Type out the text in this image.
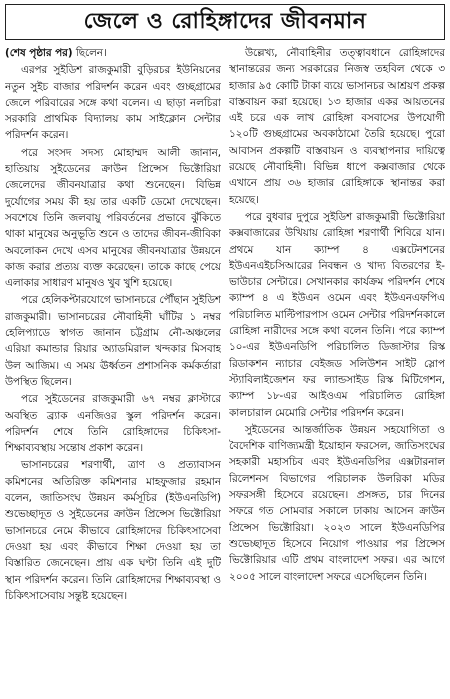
জেলে ও রোহিঙ্গাদের জীবনমান

(শেষ পৃষ্ঠার পর) ছিলেন।

এরপর সুইডিশ রাজকুমারী বুড়িরচর ইউনিয়নের নতুন সুইচ বাজার পরিদর্শন করেন এবং গুচ্ছগ্রামের জেলে পরিবারের সঙ্গে কথা বলেন। এ ছাড়া নলচিরা সরকারি প্রাথমিক বিদ্যালয় কাম সাইক্লোন সেন্টার পরিদর্শন করেন।

পরে সংসদ সদস্য মোহাম্মদ আলী জানান, হাতিয়ায় সুইডেনের ক্রাউন প্রিন্সেস ভিক্টোরিয়া জেলেদের জীবনযাত্রার কথা শুনেছেন। বিভিন্ন দুর্যোগের সময় কী হয় তার একটি ডেমো দেখেছেন। সবশেষে তিনি জলবায়ু পরিবর্তনের প্রভাবে ঝুঁকিতে থাকা মানুষের অনুভূতি শুনে ও তাদের জীবন-জীবিকা অবলোকন দেখে এসব মানুষের জীবনযাত্রার উন্নয়নে কাজ করার প্রত্যয় ব্যক্ত করেছেন। তাকে কাছে পেয়ে এলাকার সাধারণ মানুষও খুব খুশি হয়েছে।

পরে হেলিকপ্টারযোগে ভাসানচরে পৌঁছান সুইডিশ রাজকুমারী। ভাসানচরের নৌবাহিনী ঘাঁটির ১ নম্বর হেলিপ্যাডে স্বাগত জানান চট্টগ্রাম নৌ-অঞ্চলের এরিয়া কমান্ডার রিয়ার অ্যাডমিরাল খন্দকার মিসবাহ উল আজিম। এ সময় ঊর্ধ্বতন প্রশাসনিক কর্মকর্তারা উপস্থিত ছিলেন।

পরে সুইডেনের রাজকুমারী ৬৭ নম্বর ক্লাস্টারে অবস্থিত ব্র্যাক এনজিওর স্কুল পরিদর্শন করেন। পরিদর্শন শেষে তিনি রোহিঙ্গাদের চিকিৎসা-শিক্ষাব্যবস্থায় সন্তোষ প্রকাশ করেন।

ভাসানচরের শরণার্থী, ত্রাণ ও প্রত্যাবাসন কমিশনের অতিরিক্ত কমিশনার মাহফুজার রহমান বলেন, জাতিসংঘ উন্নয়ন কর্মসূচির (ইউএনডিপি) শুভেচ্ছাদূত ও সুইডেনের ক্রাউন প্রিন্সেস ভিক্টোরিয়া ভাসানচরে নেমে কীভাবে রোহিঙ্গাদের চিকিৎসাসেবা দেওয়া হয় এবং কীভাবে শিক্ষা দেওয়া হয় তা বিস্তারিত জেনেছেন। প্রায় এক ঘণ্টা তিনি এই দুটি স্থান পরিদর্শন করেন। তিনি রোহিঙ্গাদের শিক্ষাব্যবস্থা ও চিকিৎসাসেবায় সন্তুষ্ট হয়েছেন।

উল্লেখ্য, নৌবাহিনীর তত্ত্বাবধানে রোহিঙ্গাদের স্থানান্তরের জন্য সরকারের নিজস্ব তহবিল থেকে ৩ হাজার ৯৫ কোটি টাকা ব্যয়ে ভাসানচর আশ্রয়ণ প্রকল্প বাস্তবায়ন করা হয়েছে। ১৩ হাজার একর আয়তনের এই চরে এক লাখ রোহিঙ্গা বসবাসের উপযোগী ১২০টি গুচ্ছগ্রামের অবকাঠামো তৈরি হয়েছে। পুরো আবাসন প্রকল্পটি বাস্তবায়ন ও ব্যবস্থাপনার দায়িত্বে রয়েছে নৌবাহিনী। বিভিন্ন ধাপে কক্সবাজার থেকে এখানে প্রায় ৩৬ হাজার রোহিঙ্গাকে স্থানান্তর করা হয়েছে।

পরে বুধবার দুপুরে সুইডিশ রাজকুমারী ভিক্টোরিয়া কক্সবাজারের উখিয়ায় রোহিঙ্গা শরণার্থী শিবিরে যান। প্রথমে যান ক্যাম্প ৪ এক্সটেনশনের ইউএনএইচসিআরের নিবন্ধন ও খাদ্য বিতরণের ই-ভাউচার সেন্টারে। সেখানকার কার্যক্রম পরিদর্শন শেষে ক্যাম্প ৪ এ ইউএন ওমেন এবং ইউএনএফপিএ পরিচালিত মাল্টিপারপাস ওমেন সেন্টার পরিদর্শনকালে রোহিঙ্গা নারীদের সঙ্গে কথা বলেন তিনি। পরে ক্যাম্প ১০-এর ইউএনডিপি পরিচালিত ডিজাস্টার রিস্ক রিডাকশন ন্যাচার বেইজড সলিউশন সাইট স্লোপ স্ট্যাবিলাইজেশন ফর ল্যান্ডসাইড রিস্ক মিটিগেশন, ক্যাম্প ১৮-এর আইওএম পরিচালিত রোহিঙ্গা কালচারাল মেমোরি সেন্টার পরিদর্শন করেন।

সুইডেনের আন্তর্জাতিক উন্নয়ন সহযোগিতা ও বৈদেশিক বাণিজ্যমন্ত্রী ইয়োহান ফরসেল, জাতিসংঘের সহকারী মহাসচিব এবং ইউএনডিপির এক্সটারনাল রিলেশনস বিভাগের পরিচালক উলরিকা মডির সফরসঙ্গী হিসেবে রয়েছেন। প্রসঙ্গত, চার দিনের সফরে গত সোমবার সকালে ঢাকায় আসেন ক্রাউন প্রিন্সেস ভিক্টোরিয়া। ২০২৩ সালে ইউএনডিপির শুভেচ্ছাদূত হিসেবে নিয়োগ পাওয়ার পর প্রিন্সেস ভিক্টোরিয়ার এটি প্রথম বাংলাদেশ সফর। এর আগে ২০০৫ সালে বাংলাদেশ সফরে এসেছিলেন তিনি।
